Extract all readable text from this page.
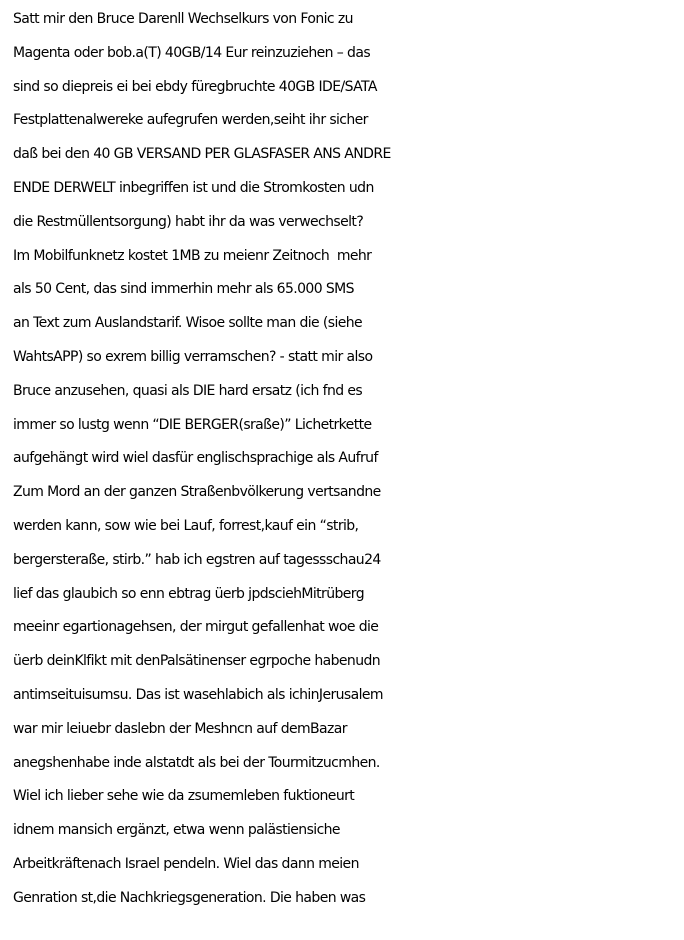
Satt mir den Bruce Darenll Wechselkurs von Fonic zu
Magenta oder bob.a(T) 40GB/14 Eur reinzuziehen – das
sind so diepreis ei bei ebdy füregbruchte 40GB IDE/SATA
Festplattenalwereke aufegrufen werden,seiht ihr sicher
daß bei den 40 GB VERSAND PER GLASFASER ANS ANDRE
ENDE DERWELT inbegriffen ist und die Stromkosten udn
die Restmüllentsorgung) habt ihr da was verwechselt?
Im Mobilfunknetz kostet 1MB zu meienr Zeitnoch  mehr
als 50 Cent, das sind immerhin mehr als 65.000 SMS
an Text zum Auslandstarif. Wisoe sollte man die (siehe
WahtsAPP) so exrem billig verramschen? - statt mir also
Bruce anzusehen, quasi als DIE hard ersatz (ich fnd es
immer so lustg wenn “DIE BERGER(sraße)” Lichetrkette
aufgehängt wird wiel dasfür englischsprachige als Aufruf
Zum Mord an der ganzen Straßenbvölkerung vertsandne
werden kann, sow wie bei Lauf, forrest,kauf ein “strib,
bergersteraße, stirb.” hab ich egstren auf tagessschau24
lief das glaubich so enn ebtrag üerb jpdsciehMitrüberg
meeinr egartionagehsen, der mirgut gefallenhat woe die
üerb deinKlfikt mit denPalsätinenser egrpoche habenudn
antimseituisumsu. Das ist wasehlabich als ichinJerusalem
war mir leiuebr daslebn der Meshncn auf demBazar
anegshenhabe inde alstatdt als bei der Tourmitzucmhen.
Wiel ich lieber sehe wie da zsumemleben fuktioneurt
idnem mansich ergänzt, etwa wenn palästiensiche
Arbeitkräftenach Israel pendeln. Wiel das dann meien
Genration st,die Nachkriegsgeneration. Die haben was
